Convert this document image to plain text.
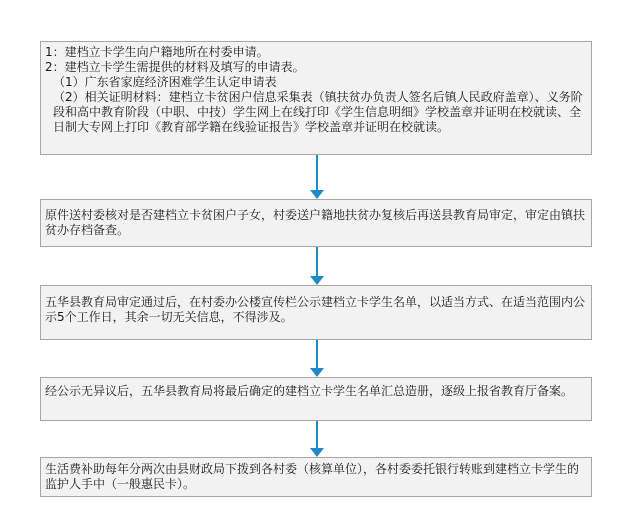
1：建档立卡学生向户籍地所在村委申请。

2：建档立卡学生需提供的材料及填写的申请表。

（1）广东省家庭经济困难学生认定申请表

（2）相关证明材料：建档立卡贫困户信息采集表（镇扶贫办负责人签名后镇人民政府盖章）、义务阶段和高中教育阶段（中职、中技）学生网上在线打印《学生信息明细》学校盖章并证明在校就读、全日制大专网上打印《教育部学籍在线验证报告》学校盖章并证明在校就读。

原件送村委核对是否建档立卡贫困户子女，村委送户籍地扶贫办复核后再送县教育局审定，审定由镇扶贫办存档备查。

五华县教育局审定通过后，在村委办公楼宣传栏公示建档立卡学生名单，以适当方式、在适当范围内公示5个工作日，其余一切无关信息，不得涉及。

经公示无异议后，五华县教育局将最后确定的建档立卡学生名单汇总造册，逐级上报省教育厅备案。

生活费补助每年分两次由县财政局下拨到各村委（核算单位），各村委委托银行转账到建档立卡学生的监护人手中（一般惠民卡）。
